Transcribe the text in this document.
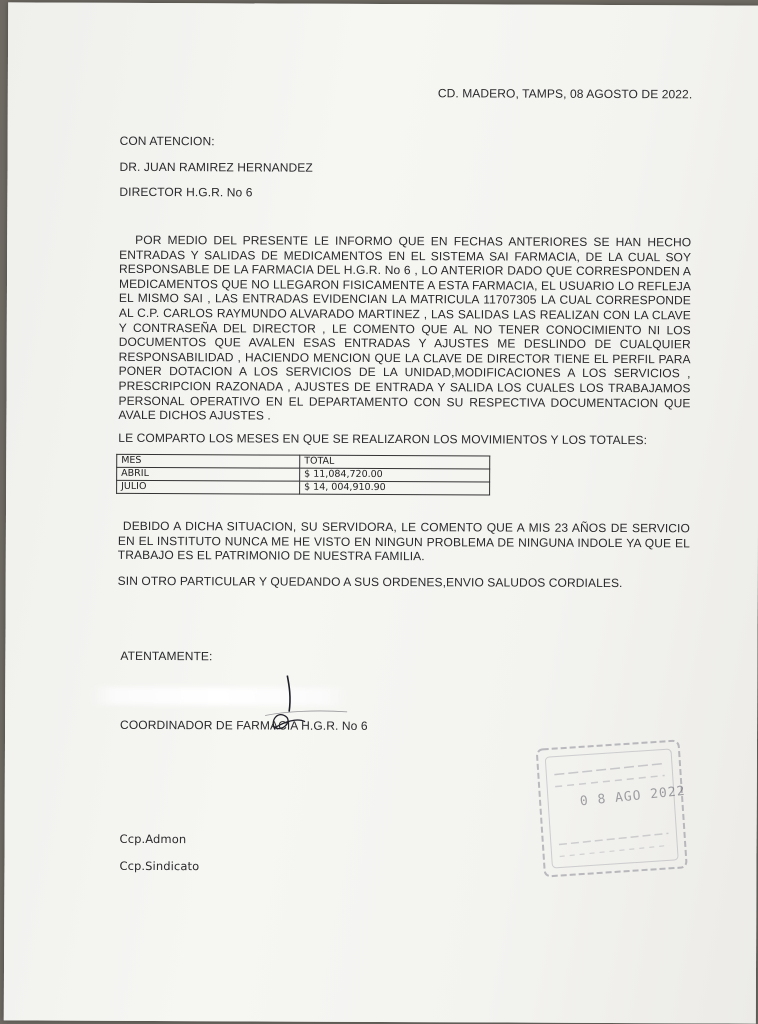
CD. MADERO, TAMPS, 08 AGOSTO DE 2022.
CON ATENCION:
DR. JUAN RAMIREZ HERNANDEZ
DIRECTOR H.G.R. No 6
POR MEDIO DEL PRESENTE LE INFORMO QUE EN FECHAS ANTERIORES SE HAN HECHO ENTRADAS Y SALIDAS DE MEDICAMENTOS EN EL SISTEMA SAI FARMACIA, DE LA CUAL SOY RESPONSABLE DE LA FARMACIA DEL H.G.R. No 6 , LO ANTERIOR DADO QUE CORRESPONDEN A MEDICAMENTOS QUE NO LLEGARON FISICAMENTE A ESTA FARMACIA, EL USUARIO LO REFLEJA EL MISMO SAI , LAS ENTRADAS EVIDENCIAN LA MATRICULA 11707305 LA CUAL CORRESPONDE AL C.P. CARLOS RAYMUNDO ALVARADO MARTINEZ , LAS SALIDAS LAS REALIZAN CON LA CLAVE Y CONTRASEÑA DEL DIRECTOR , LE COMENTO QUE AL NO TENER CONOCIMIENTO NI LOS DOCUMENTOS QUE AVALEN ESAS ENTRADAS Y AJUSTES ME DESLINDO DE CUALQUIER RESPONSABILIDAD , HACIENDO MENCION QUE LA CLAVE DE DIRECTOR TIENE EL PERFIL PARA PONER DOTACION A LOS SERVICIOS DE LA UNIDAD,MODIFICACIONES A LOS SERVICIOS , PRESCRIPCION RAZONADA , AJUSTES DE ENTRADA Y SALIDA LOS CUALES LOS TRABAJAMOS PERSONAL OPERATIVO EN EL DEPARTAMENTO CON SU RESPECTIVA DOCUMENTACION QUE AVALE DICHOS AJUSTES .
LE COMPARTO LOS MESES EN QUE SE REALIZARON LOS MOVIMIENTOS Y LOS TOTALES:
MES	TOTAL
ABRIL	$ 11,084,720.00
JULIO	$ 14, 004,910.90
DEBIDO A DICHA SITUACION, SU SERVIDORA, LE COMENTO QUE A MIS 23 AÑOS DE SERVICIO EN EL INSTITUTO NUNCA ME HE VISTO EN NINGUN PROBLEMA DE NINGUNA INDOLE YA QUE EL TRABAJO ES EL PATRIMONIO DE NUESTRA FAMILIA.
SIN OTRO PARTICULAR Y QUEDANDO A SUS ORDENES,ENVIO SALUDOS CORDIALES.
ATENTAMENTE:
COORDINADOR DE FARMACIA H.G.R. No 6
0 8 AGO 2022
Ccp.Admon
Ccp.Sindicato
